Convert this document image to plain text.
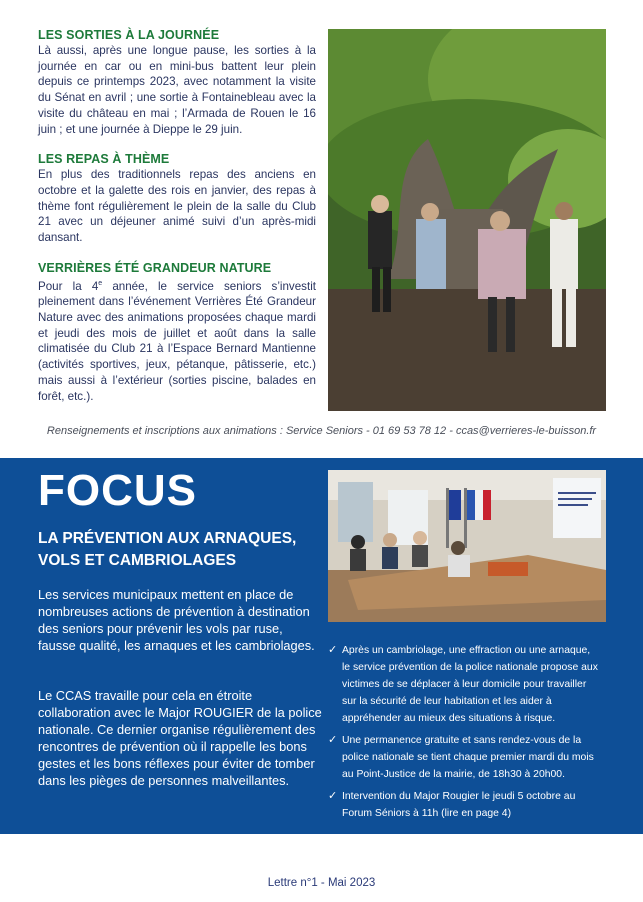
LES SORTIES À LA JOURNÉE

Là aussi, après une longue pause, les sorties à la journée en car ou en mini-bus battent leur plein depuis ce printemps 2023, avec notamment la visite du Sénat en avril ; une sortie à Fontainebleau avec la visite du château en mai ; l’Armada de Rouen le 16 juin ; et une journée à Dieppe le 29 juin.

LES REPAS À THÈME

En plus des traditionnels repas des anciens en octobre et la galette des rois en janvier, des repas à thème font régulièrement le plein de la salle du Club 21 avec un déjeuner animé suivi d’un après-midi dansant.

VERRIÈRES ÉTÉ GRANDEUR NATURE

Pour la 4e année, le service seniors s’investit pleinement dans l’événement Verrières Été Grandeur Nature avec des animations proposées chaque mardi et jeudi des mois de juillet et août dans la salle climatisée du Club 21 à l’Espace Bernard Mantienne (activités sportives, jeux, pétanque, pâtisserie, etc.) mais aussi à l’extérieur (sorties piscine, balades en forêt, etc.).

Renseignements et inscriptions aux animations : Service Seniors - 01 69 53 78 12 - ccas@verrieres-le-buisson.fr

FOCUS
LA PRÉVENTION AUX ARNAQUES, VOLS ET CAMBRIOLAGES

Les services municipaux mettent en place de nombreuses actions de prévention à destination des seniors pour prévenir les vols par ruse, fausse qualité, les arnaques et les cambriolages.

Le CCAS travaille pour cela en étroite collaboration avec le Major ROUGIER de la police nationale. Ce dernier organise régulièrement des rencontres de prévention où il rappelle les bons gestes et les bons réflexes pour éviter de tomber dans les pièges de personnes malveillantes.

✓ Après un cambriolage, une effraction ou une arnaque, le service prévention de la police nationale propose aux victimes de se déplacer à leur domicile pour travailler sur la sécurité de leur habitation et les aider à appréhender au mieux des situations à risque.
✓ Une permanence gratuite et sans rendez-vous de la police nationale se tient chaque premier mardi du mois au Point-Justice de la mairie, de 18h30 à 20h00.
✓ Intervention du Major Rougier le jeudi 5 octobre au Forum Séniors à 11h (lire en page 4)

Lettre n°1 - Mai 2023
